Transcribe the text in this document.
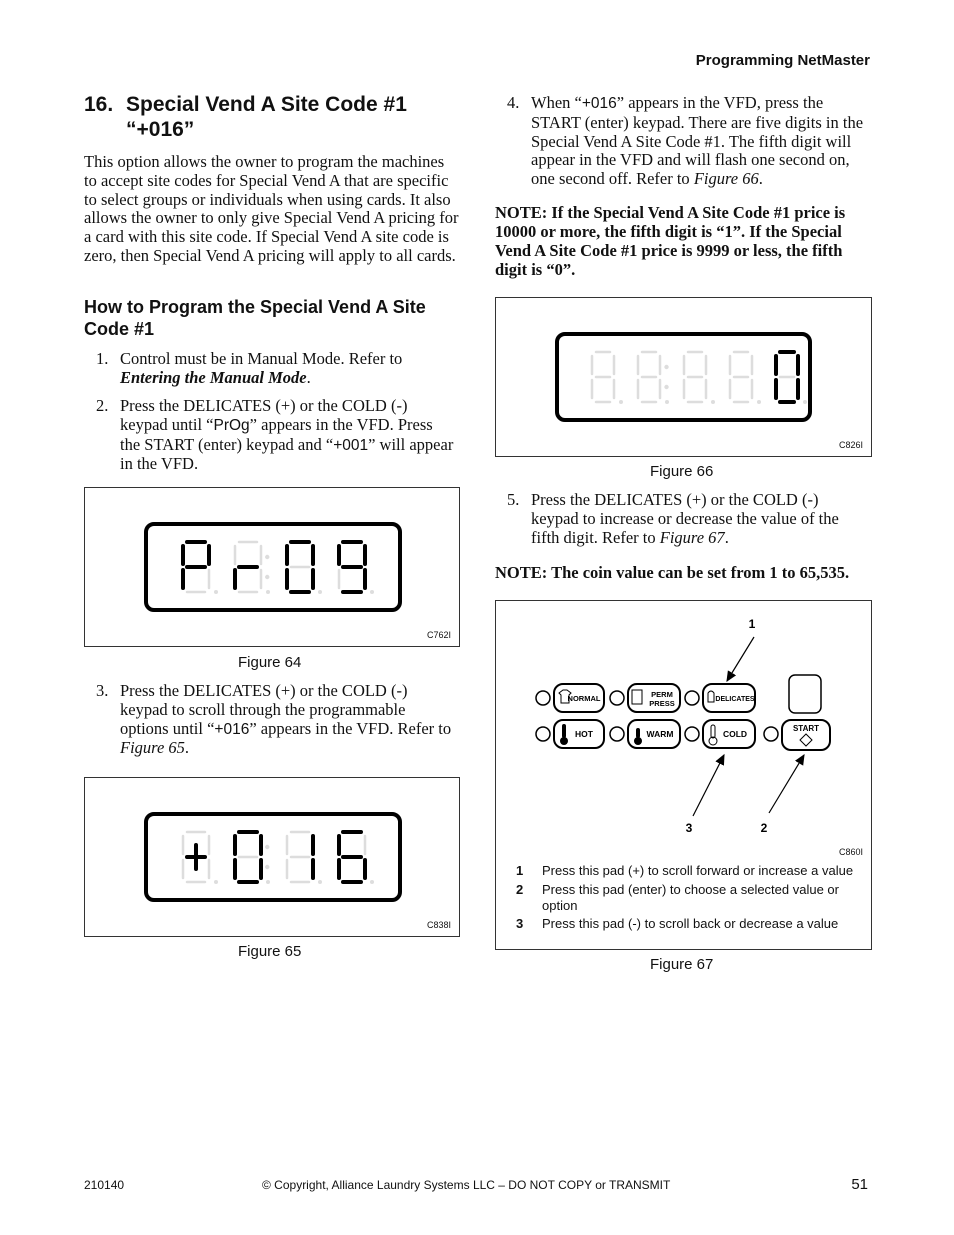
Programming NetMaster
16. Special Vend A Site Code #1 “+016”
This option allows the owner to program the machines to accept site codes for Special Vend A that are specific to select groups or individuals when using cards. It also allows the owner to only give Special Vend A pricing for a card with this site code. If Special Vend A site code is zero, then Special Vend A pricing will apply to all cards.
How to Program the Special Vend A Site Code #1
1. Control must be in Manual Mode. Refer to Entering the Manual Mode.
2. Press the DELICATES (+) or the COLD (-) keypad until “PrOg” appears in the VFD. Press the START (enter) keypad and “+001” will appear in the VFD.
C762I
Figure 64
3. Press the DELICATES (+) or the COLD (-) keypad to scroll through the programmable options until “+016” appears in the VFD. Refer to Figure 65.
C838I
Figure 65
4. When “+016” appears in the VFD, press the START (enter) keypad. There are five digits in the Special Vend A Site Code #1. The fifth digit will appear in the VFD and will flash one second on, one second off. Refer to Figure 66.
NOTE: If the Special Vend A Site Code #1 price is 10000 or more, the fifth digit is “1”. If the Special Vend A Site Code #1 price is 9999 or less, the fifth digit is “0”.
C826I
Figure 66
5. Press the DELICATES (+) or the COLD (-) keypad to increase or decrease the value of the fifth digit. Refer to Figure 67.
NOTE: The coin value can be set from 1 to 65,535.
NORMAL	PERM
PRESS	DELICATES
HOT	WARM	COLD
START
1
2
3
C860I
1 Press this pad (+) to scroll forward or increase a value
2 Press this pad (enter) to choose a selected value or option
3 Press this pad (-) to scroll back or decrease a value
Figure 67
210140	© Copyright, Alliance Laundry Systems LLC – DO NOT COPY or TRANSMIT	51
